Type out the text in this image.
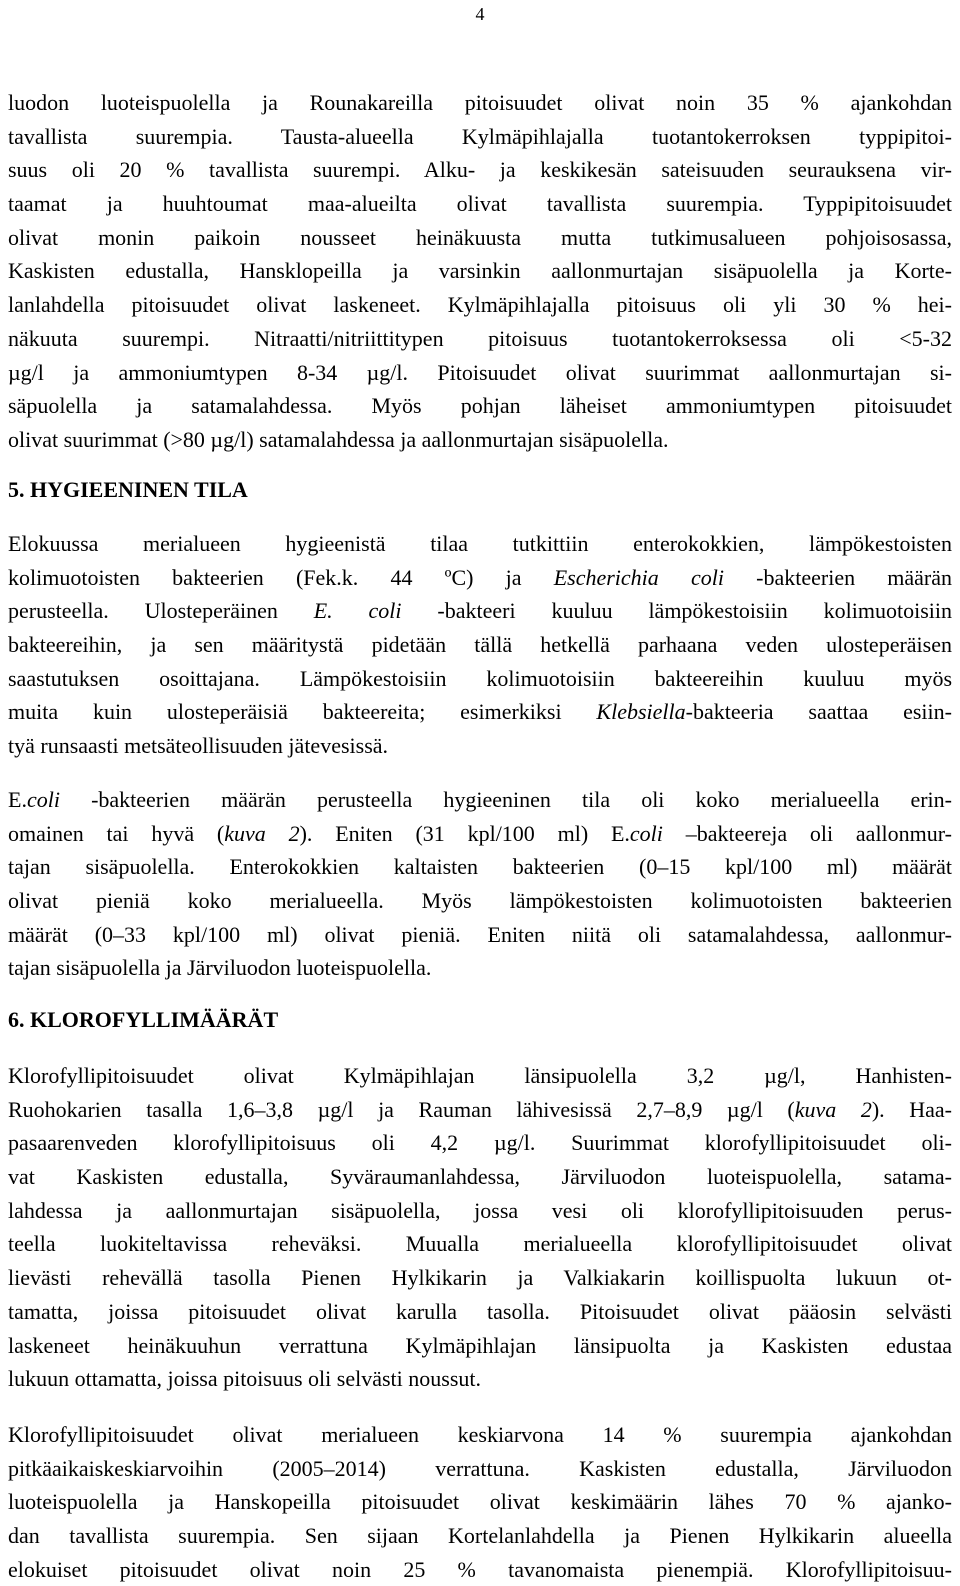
4
luodon luoteispuolella ja Rounakareilla pitoisuudet olivat noin 35 % ajankohdan
tavallista suurempia. Tausta-alueella Kylmäpihlajalla tuotantokerroksen typpipitoi-
suus oli 20 % tavallista suurempi. Alku- ja keskikesän sateisuuden seurauksena vir-
taamat ja huuhtoumat maa-alueilta olivat tavallista suurempia. Typpipitoisuudet
olivat monin paikoin nousseet heinäkuusta mutta tutkimusalueen pohjoisosassa,
Kaskisten edustalla, Hansklopeilla ja varsinkin aallonmurtajan sisäpuolella ja Korte-
lanlahdella pitoisuudet olivat laskeneet. Kylmäpihlajalla pitoisuus oli yli 30 % hei-
näkuuta suurempi. Nitraatti/nitriittitypen pitoisuus tuotantokerroksessa oli <5-32
µg/l ja ammoniumtypen 8-34 µg/l. Pitoisuudet olivat suurimmat aallonmurtajan si-
säpuolella ja satamalahdessa. Myös pohjan läheiset ammoniumtypen pitoisuudet
olivat suurimmat (>80 µg/l) satamalahdessa ja aallonmurtajan sisäpuolella.
5. HYGIEENINEN TILA
Elokuussa merialueen hygieenistä tilaa tutkittiin enterokokkien, lämpökestoisten
kolimuotoisten bakteerien (Fek.k. 44 ºC) ja Escherichia coli -bakteerien määrän
perusteella. Ulosteperäinen E. coli -bakteeri kuuluu lämpökestoisiin kolimuotoisiin
bakteereihin, ja sen määritystä pidetään tällä hetkellä parhaana veden ulosteperäisen
saastutuksen osoittajana. Lämpökestoisiin kolimuotoisiin bakteereihin kuuluu myös
muita kuin ulosteperäisiä bakteereita; esimerkiksi Klebsiella-bakteeria saattaa esiin-
tyä runsaasti metsäteollisuuden jätevesissä.
E.coli -bakteerien määrän perusteella hygieeninen tila oli koko merialueella erin-
omainen tai hyvä (kuva 2). Eniten (31 kpl/100 ml) E.coli –bakteereja oli aallonmur-
tajan sisäpuolella. Enterokokkien kaltaisten bakteerien (0–15 kpl/100 ml) määrät
olivat pieniä koko merialueella. Myös lämpökestoisten kolimuotoisten bakteerien
määrät (0–33 kpl/100 ml) olivat pieniä. Eniten niitä oli satamalahdessa, aallonmur-
tajan sisäpuolella ja Järviluodon luoteispuolella.
6. KLOROFYLLIMÄÄRÄT
Klorofyllipitoisuudet olivat Kylmäpihlajan länsipuolella 3,2 µg/l, Hanhisten-
Ruohokarien tasalla 1,6–3,8 µg/l ja Rauman lähivesissä 2,7–8,9 µg/l (kuva 2). Haa-
pasaarenveden klorofyllipitoisuus oli 4,2 µg/l. Suurimmat klorofyllipitoisuudet oli-
vat Kaskisten edustalla, Syväraumanlahdessa, Järviluodon luoteispuolella, satama-
lahdessa ja aallonmurtajan sisäpuolella, jossa vesi oli klorofyllipitoisuuden perus-
teella luokiteltavissa reheväksi. Muualla merialueella klorofyllipitoisuudet olivat
lievästi rehevällä tasolla Pienen Hylkikarin ja Valkiakarin koillispuolta lukuun ot-
tamatta, joissa pitoisuudet olivat karulla tasolla. Pitoisuudet olivat pääosin selvästi
laskeneet heinäkuuhun verrattuna Kylmäpihlajan länsipuolta ja Kaskisten edustaa
lukuun ottamatta, joissa pitoisuus oli selvästi noussut.
Klorofyllipitoisuudet olivat merialueen keskiarvona 14 % suurempia ajankohdan
pitkäaikaiskeskiarvoihin (2005–2014) verrattuna. Kaskisten edustalla, Järviluodon
luoteispuolella ja Hanskopeilla pitoisuudet olivat keskimäärin lähes 70 % ajanko-
dan tavallista suurempia. Sen sijaan Kortelanlahdella ja Pienen Hylkikarin alueella
elokuiset pitoisuudet olivat noin 25 % tavanomaista pienempiä. Klorofyllipitoisuu-
